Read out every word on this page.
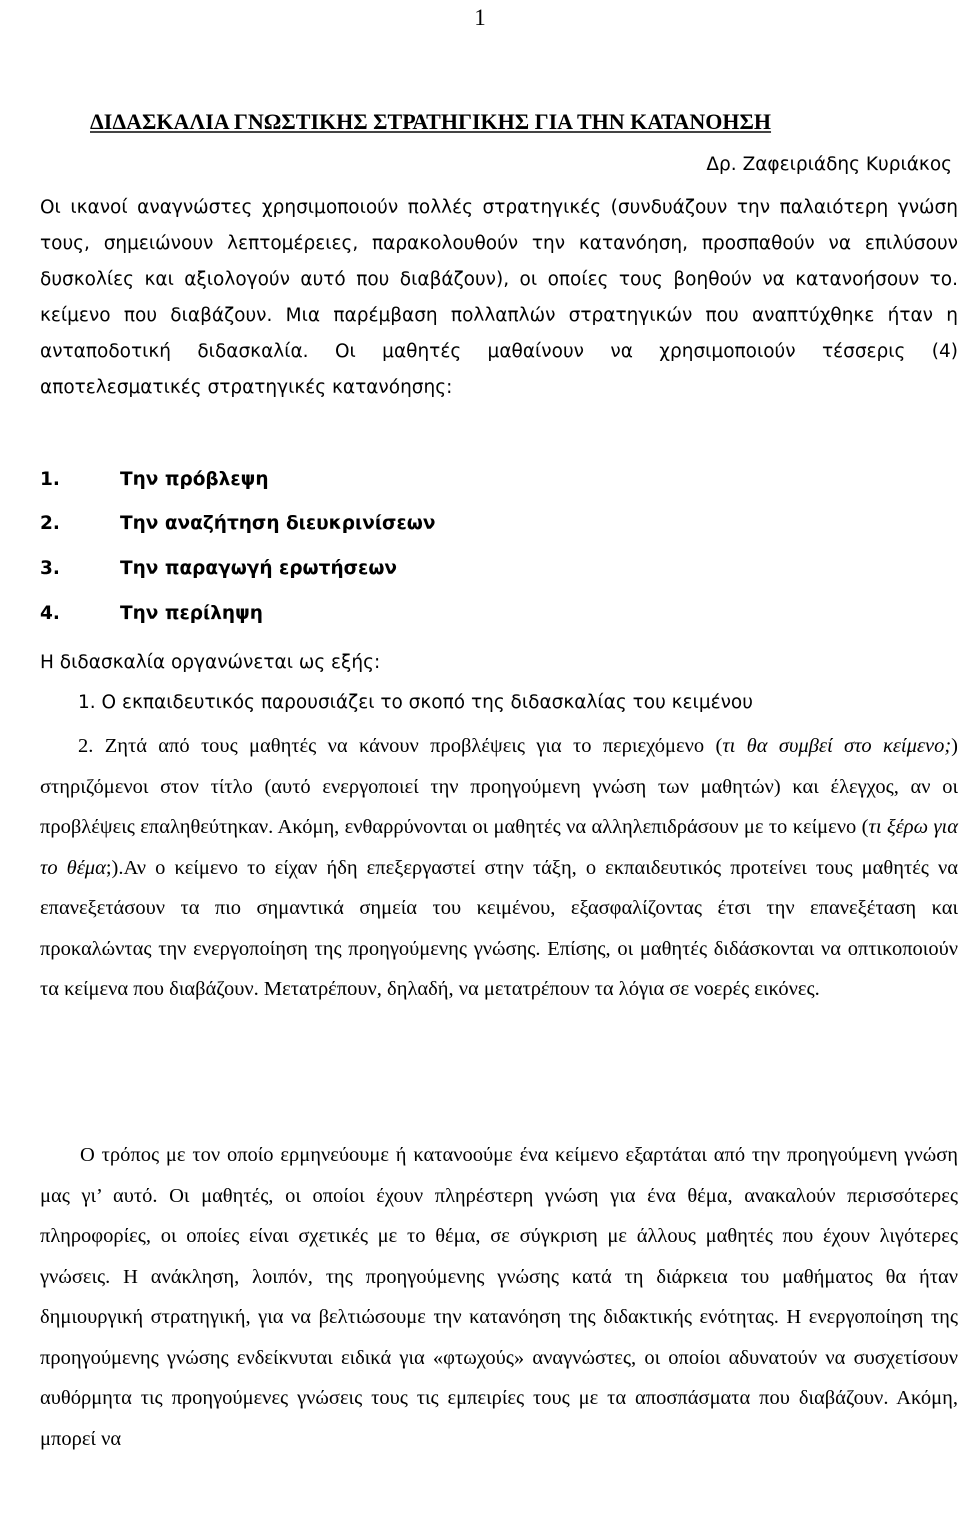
1
ΔΙΔΑΣΚΑΛΙΑ ΓΝΩΣΤΙΚΗΣ ΣΤΡΑΤΗΓΙΚΗΣ ΓΙΑ ΤΗΝ ΚΑΤΑΝΟΗΣΗ
Δρ. Ζαφειριάδης Κυριάκος
Οι ικανοί αναγνώστες χρησιμοποιούν πολλές στρατηγικές (συνδυάζουν την παλαιότερη γνώση τους, σημειώνουν λεπτομέρειες, παρακολουθούν την κατανόηση, προσπαθούν να επιλύσουν δυσκολίες και αξιολογούν αυτό που διαβάζουν), οι οποίες τους βοηθούν να κατανοήσουν το. κείμενο που διαβάζουν. Μια παρέμβαση πολλαπλών στρατηγικών που αναπτύχθηκε ήταν η ανταποδοτική διδασκαλία. Οι μαθητές μαθαίνουν να χρησιμοποιούν τέσσερις (4) αποτελεσματικές στρατηγικές κατανόησης:
1.	Την πρόβλεψη
2.	Την αναζήτηση διευκρινίσεων
3.	Την παραγωγή ερωτήσεων
4.	Την περίληψη
Η διδασκαλία οργανώνεται ως εξής:
1. Ο εκπαιδευτικός παρουσιάζει το σκοπό της διδασκαλίας του κειμένου
2. Ζητά από τους μαθητές να κάνουν προβλέψεις για το περιεχόμενο (τι θα συμβεί στο κείμενο;) στηριζόμενοι στον τίτλο (αυτό ενεργοποιεί την προηγούμενη γνώση των μαθητών) και έλεγχος, αν οι προβλέψεις επαληθεύτηκαν. Ακόμη, ενθαρρύνονται οι μαθητές να αλληλεπιδράσουν με το κείμενο (τι ξέρω για το θέμα;).Αν ο κείμενο το είχαν ήδη επεξεργαστεί στην τάξη, ο εκπαιδευτικός προτείνει τους μαθητές να επανεξετάσουν τα πιο σημαντικά σημεία του κειμένου, εξασφαλίζοντας έτσι την επανεξέταση και προκαλώντας την ενεργοποίηση της προηγούμενης γνώσης. Επίσης, οι μαθητές διδάσκονται να οπτικοποιούν τα κείμενα που διαβάζουν. Μετατρέπουν, δηλαδή, να μετατρέπουν τα λόγια σε νοερές εικόνες.
Ο τρόπος με τον οποίο ερμηνεύουμε ή κατανοούμε ένα κείμενο εξαρτάται από την προηγούμενη γνώση μας γι’ αυτό. Οι μαθητές, οι οποίοι έχουν πληρέστερη γνώση για ένα θέμα, ανακαλούν περισσότερες πληροφορίες, οι οποίες είναι σχετικές με το θέμα, σε σύγκριση με άλλους μαθητές που έχουν λιγότερες γνώσεις. Η ανάκληση, λοιπόν, της προηγούμενης γνώσης κατά τη διάρκεια του μαθήματος θα ήταν δημιουργική στρατηγική, για να βελτιώσουμε την κατανόηση της διδακτικής ενότητας. Η ενεργοποίηση της προηγούμενης γνώσης ενδείκνυται ειδικά για «φτωχούς» αναγνώστες, οι οποίοι αδυνατούν να συσχετίσουν αυθόρμητα τις προηγούμενες γνώσεις τους τις εμπειρίες τους με τα αποσπάσματα που διαβάζουν. Ακόμη, μπορεί να
